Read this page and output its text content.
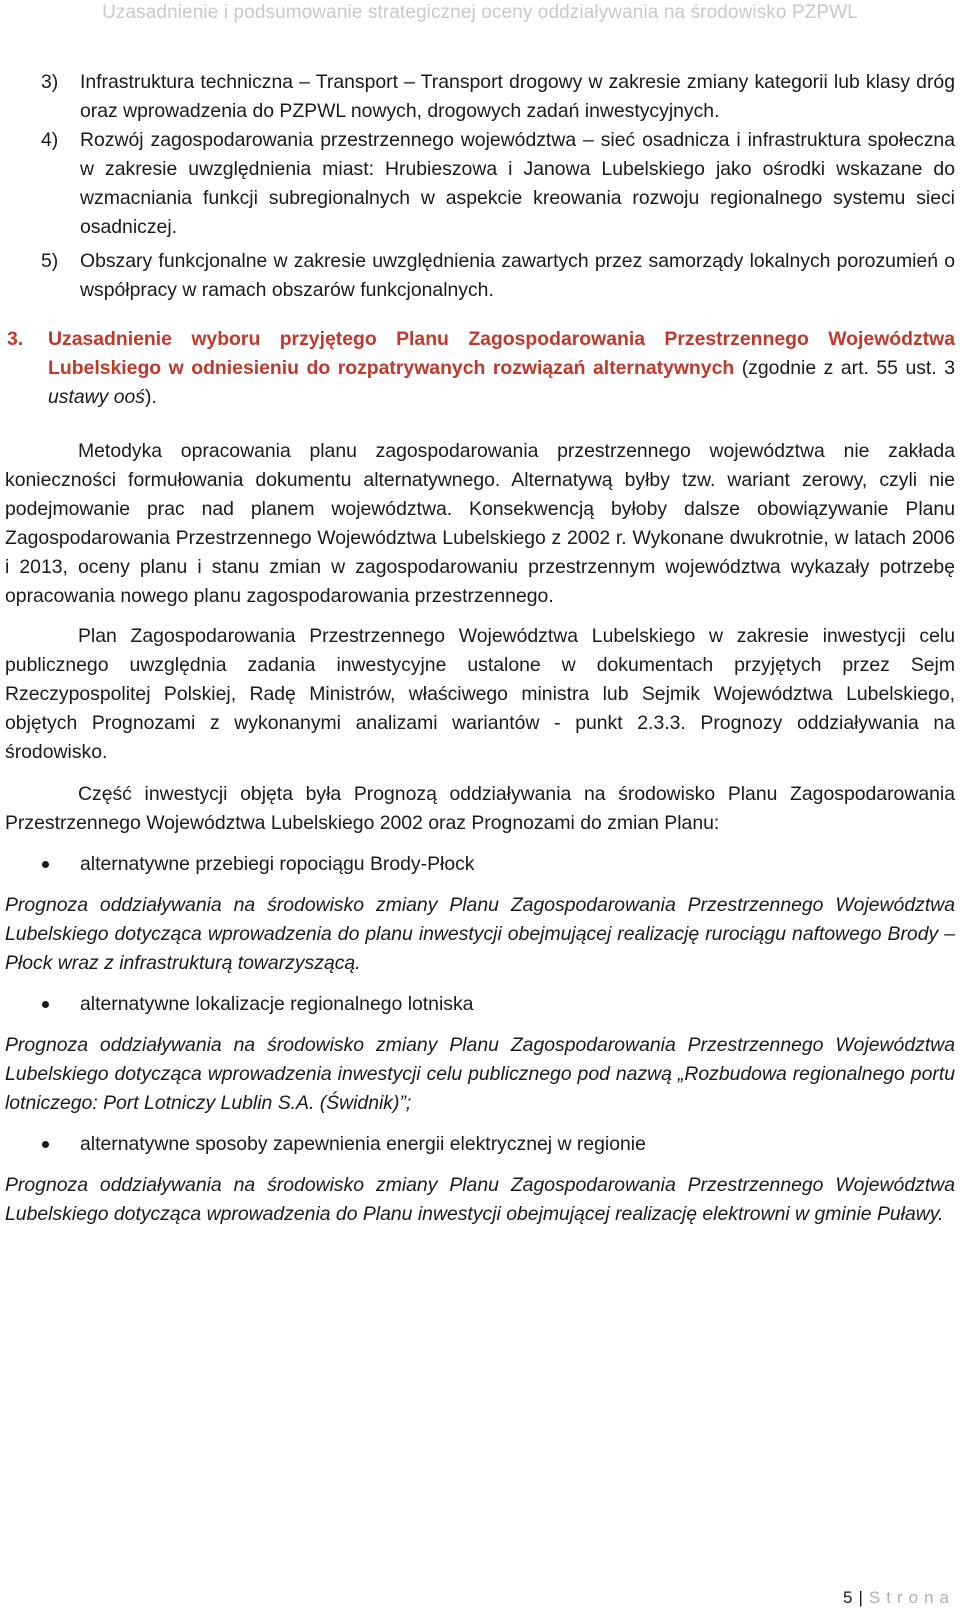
Uzasadnienie i podsumowanie strategicznej oceny oddziaływania na środowisko PZPWL
3) Infrastruktura techniczna – Transport – Transport drogowy w zakresie zmiany kategorii lub klasy dróg oraz wprowadzenia do PZPWL nowych, drogowych zadań inwestycyjnych.
4) Rozwój zagospodarowania przestrzennego województwa – sieć osadnicza i infrastruktura społeczna w zakresie uwzględnienia miast: Hrubieszowa i Janowa Lubelskiego jako ośrodki wskazane do wzmacniania funkcji subregionalnych w aspekcie kreowania rozwoju regionalnego systemu sieci osadniczej.
5) Obszary funkcjonalne w zakresie uwzględnienia zawartych przez samorządy lokalnych porozumień o współpracy w ramach obszarów funkcjonalnych.
3. Uzasadnienie wyboru przyjętego Planu Zagospodarowania Przestrzennego Województwa Lubelskiego w odniesieniu do rozpatrywanych rozwiązań alternatywnych (zgodnie z art. 55 ust. 3 ustawy ooś).

Metodyka opracowania planu zagospodarowania przestrzennego województwa nie zakłada konieczności formułowania dokumentu alternatywnego. Alternatywą byłby tzw. wariant zerowy, czyli nie podejmowanie prac nad planem województwa. Konsekwencją byłoby dalsze obowiązywanie Planu Zagospodarowania Przestrzennego Województwa Lubelskiego z 2002 r. Wykonane dwukrotnie, w latach 2006 i 2013, oceny planu i stanu zmian w zagospodarowaniu przestrzennym województwa wykazały potrzebę opracowania nowego planu zagospodarowania przestrzennego.

Plan Zagospodarowania Przestrzennego Województwa Lubelskiego w zakresie inwestycji celu publicznego uwzględnia zadania inwestycyjne ustalone w dokumentach przyjętych przez Sejm Rzeczypospolitej Polskiej, Radę Ministrów, właściwego ministra lub Sejmik Województwa Lubelskiego, objętych Prognozami z wykonanymi analizami wariantów - punkt 2.3.3. Prognozy oddziaływania na środowisko.

Część inwestycji objęta była Prognozą oddziaływania na środowisko Planu Zagospodarowania Przestrzennego Województwa Lubelskiego 2002 oraz Prognozami do zmian Planu:

alternatywne przebiegi ropociągu Brody-Płock
Prognoza oddziaływania na środowisko zmiany Planu Zagospodarowania Przestrzennego Województwa Lubelskiego dotycząca wprowadzenia do planu inwestycji obejmującej realizację rurociągu naftowego Brody – Płock wraz z infrastrukturą towarzyszącą.
alternatywne lokalizacje regionalnego lotniska
Prognoza oddziaływania na środowisko zmiany Planu Zagospodarowania Przestrzennego Województwa Lubelskiego dotycząca wprowadzenia inwestycji celu publicznego pod nazwą „Rozbudowa regionalnego portu lotniczego: Port Lotniczy Lublin S.A. (Świdnik)”;
alternatywne sposoby zapewnienia energii elektrycznej w regionie
Prognoza oddziaływania na środowisko zmiany Planu Zagospodarowania Przestrzennego Województwa Lubelskiego dotycząca wprowadzenia do Planu inwestycji obejmującej realizację elektrowni w gminie Puławy.
5 | Strona
